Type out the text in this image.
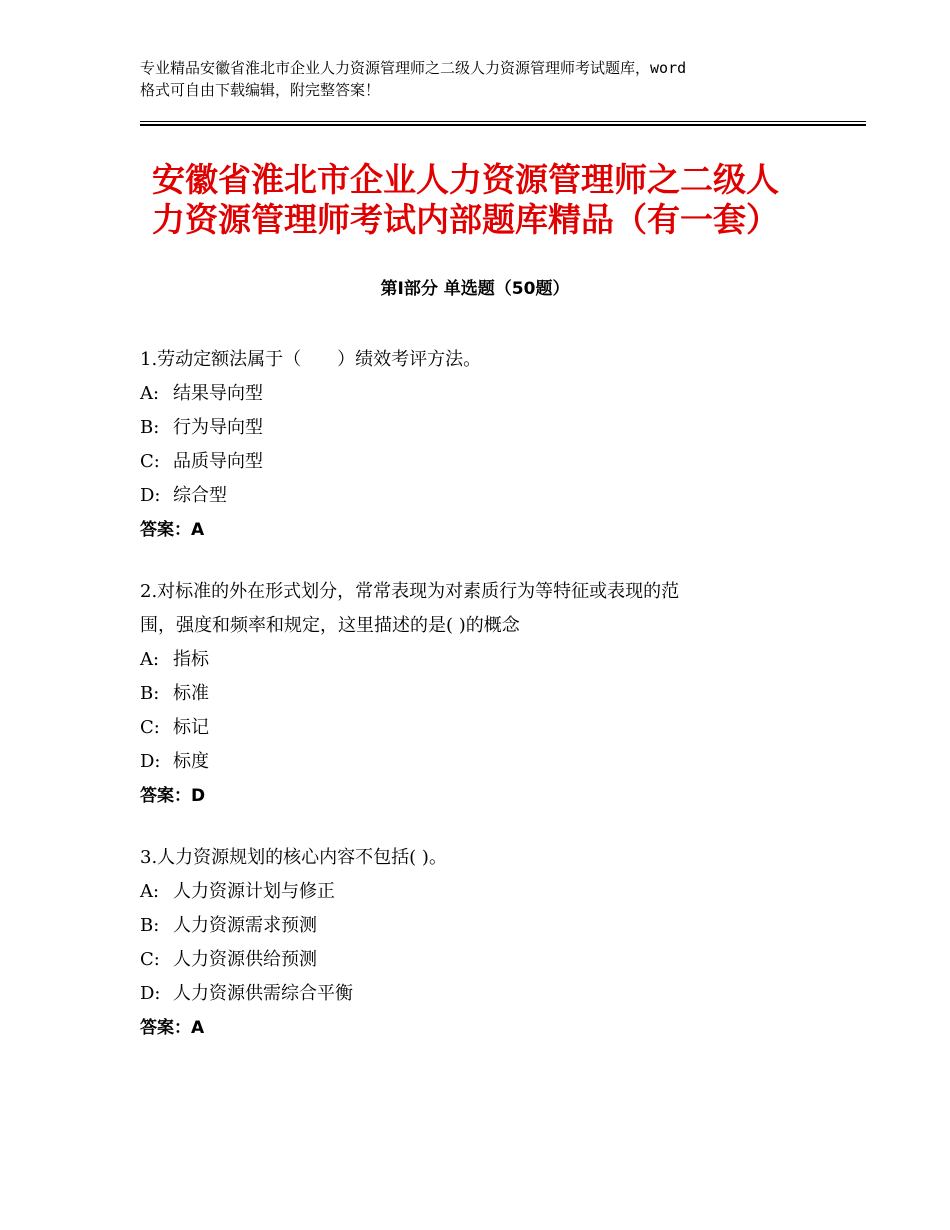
专业精品安徽省淮北市企业人力资源管理师之二级人力资源管理师考试题库，word
格式可自由下载编辑，附完整答案！
安徽省淮北市企业人力资源管理师之二级人
力资源管理师考试内部题库精品（有一套）
第Ⅰ部分 单选题（50题）

1.劳动定额法属于（　　）绩效考评方法。

A: 结果导向型

B: 行为导向型

C: 品质导向型

D: 综合型

答案：A

2.对标准的外在形式划分，常常表现为对素质行为等特征或表现的范

围，强度和频率和规定，这里描述的是( )的概念

A: 指标

B: 标准

C: 标记

D: 标度

答案：D

3.人力资源规划的核心内容不包括( )。

A: 人力资源计划与修正

B: 人力资源需求预测

C: 人力资源供给预测

D: 人力资源供需综合平衡

答案：A
